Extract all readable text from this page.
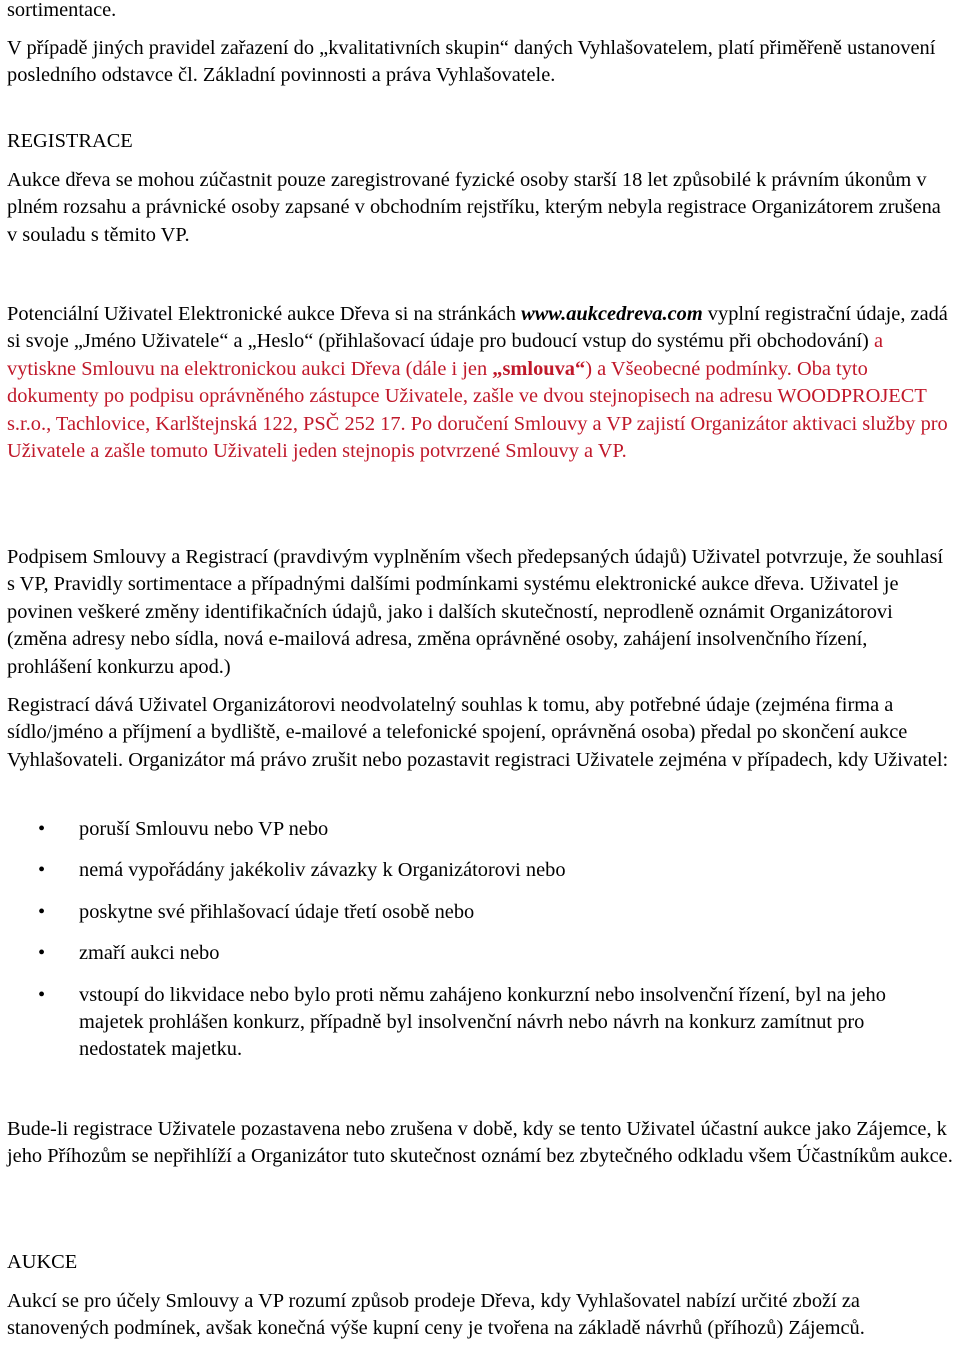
sortimentace.

V případě jiných pravidel zařazení do „kvalitativních skupin“ daných Vyhlašovatelem, platí přiměřeně ustanovení posledního odstavce čl. Základní povinnosti a práva Vyhlašovatele.

REGISTRACE

Aukce dřeva se mohou zúčastnit pouze zaregistrované fyzické osoby starší 18 let způsobilé k právním úkonům v plném rozsahu a právnické osoby zapsané v obchodním rejstříku, kterým nebyla registrace Organizátorem zrušena v souladu s těmito VP.

Potenciální Uživatel Elektronické aukce Dřeva si na stránkách www.aukcedreva.com vyplní registrační údaje, zadá si svoje „Jméno Uživatele“ a „Heslo“ (přihlašovací údaje pro budoucí vstup do systému při obchodování) a vytiskne Smlouvu na elektronickou aukci Dřeva (dále i jen „smlouva“) a Všeobecné podmínky. Oba tyto dokumenty po podpisu oprávněného zástupce Uživatele, zašle ve dvou stejnopisech na adresu WOODPROJECT s.r.o., Tachlovice, Karlštejnská 122, PSČ 252 17. Po doručení Smlouvy a VP zajistí Organizátor aktivaci služby pro Uživatele a zašle tomuto Uživateli jeden stejnopis potvrzené Smlouvy a VP.

Podpisem Smlouvy a Registrací (pravdivým vyplněním všech předepsaných údajů) Uživatel potvrzuje, že souhlasí s VP, Pravidly sortimentace a případnými dalšími podmínkami systému elektronické aukce dřeva. Uživatel je povinen veškeré změny identifikačních údajů, jako i dalších skutečností, neprodleně oznámit Organizátorovi (změna adresy nebo sídla, nová e-mailová adresa, změna oprávněné osoby, zahájení insolvenčního řízení, prohlášení konkurzu apod.)

Registrací dává Uživatel Organizátorovi neodvolatelný souhlas k tomu, aby potřebné údaje (zejména firma a sídlo/jméno a příjmení a bydliště, e-mailové a telefonické spojení, oprávněná osoba) předal po skončení aukce Vyhlašovateli. Organizátor má právo zrušit nebo pozastavit registraci Uživatele zejména v případech, kdy Uživatel:

• poruší Smlouvu nebo VP nebo
• nemá vypořádány jakékoliv závazky k Organizátorovi nebo
• poskytne své přihlašovací údaje třetí osobě nebo
• zmaří aukci nebo
• vstoupí do likvidace nebo bylo proti němu zahájeno konkurzní nebo insolvenční řízení, byl na jeho majetek prohlášen konkurz, případně byl insolvenční návrh nebo návrh na konkurz zamítnut pro nedostatek majetku.

Bude-li registrace Uživatele pozastavena nebo zrušena v době, kdy se tento Uživatel účastní aukce jako Zájemce, k jeho Příhozům se nepřihlíží a Organizátor tuto skutečnost oznámí bez zbytečného odkladu všem Účastníkům aukce.

AUKCE

Aukcí se pro účely Smlouvy a VP rozumí způsob prodeje Dřeva, kdy Vyhlašovatel nabízí určité zboží za stanovených podmínek, avšak konečná výše kupní ceny je tvořena na základě návrhů (příhozů) Zájemců.
